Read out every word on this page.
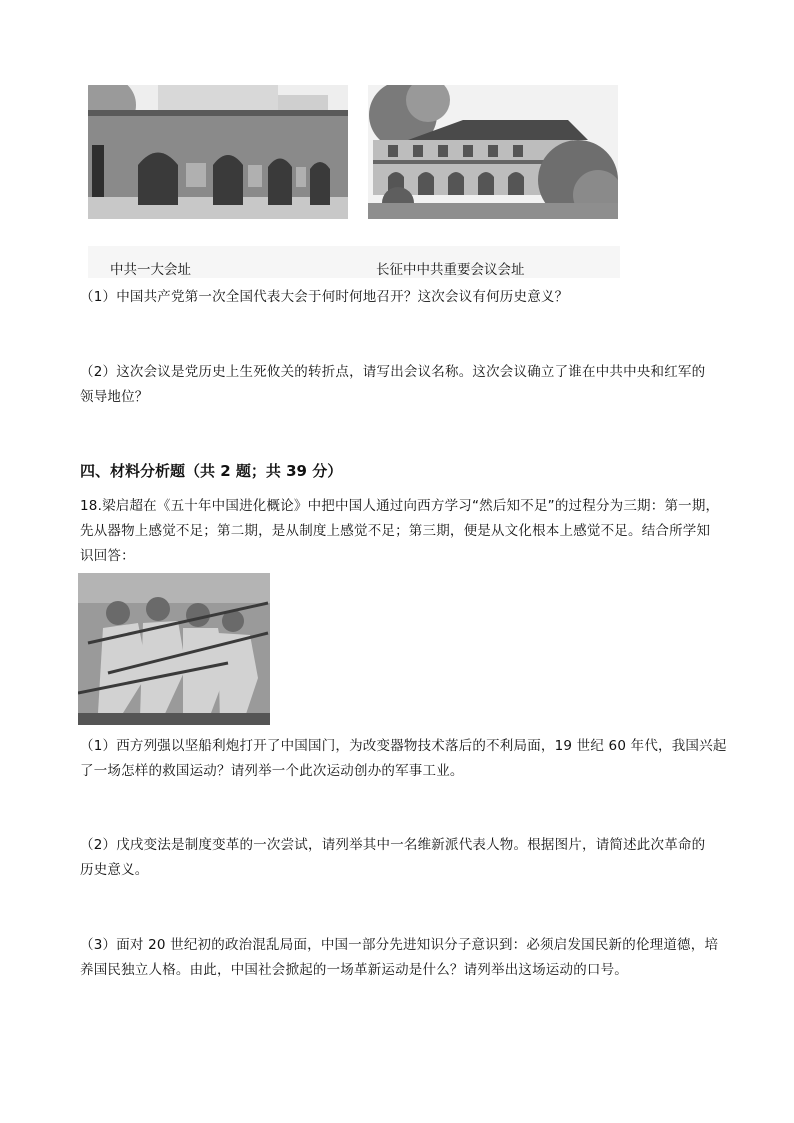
中共一大会址	长征中中共重要会议会址
（1）中国共产党第一次全国代表大会于何时何地召开？这次会议有何历史意义？
（2）这次会议是党历史上生死攸关的转折点，请写出会议名称。这次会议确立了谁在中共中央和红军的
领导地位？
四、材料分析题（共 2 题；共 39 分）
18.梁启超在《五十年中国进化概论》中把中国人通过向西方学习“然后知不足”的过程分为三期：第一期，
先从器物上感觉不足；第二期，是从制度上感觉不足；第三期，便是从文化根本上感觉不足。结合所学知
识回答：
（1）西方列强以坚船利炮打开了中国国门，为改变器物技术落后的不利局面，19 世纪 60 年代，我国兴起
了一场怎样的救国运动？请列举一个此次运动创办的军事工业。
（2）戊戌变法是制度变革的一次尝试，请列举其中一名维新派代表人物。根据图片，请简述此次革命的
历史意义。
（3）面对 20 世纪初的政治混乱局面，中国一部分先进知识分子意识到：必须启发国民新的伦理道德，培
养国民独立人格。由此，中国社会掀起的一场革新运动是什么？请列举出这场运动的口号。
